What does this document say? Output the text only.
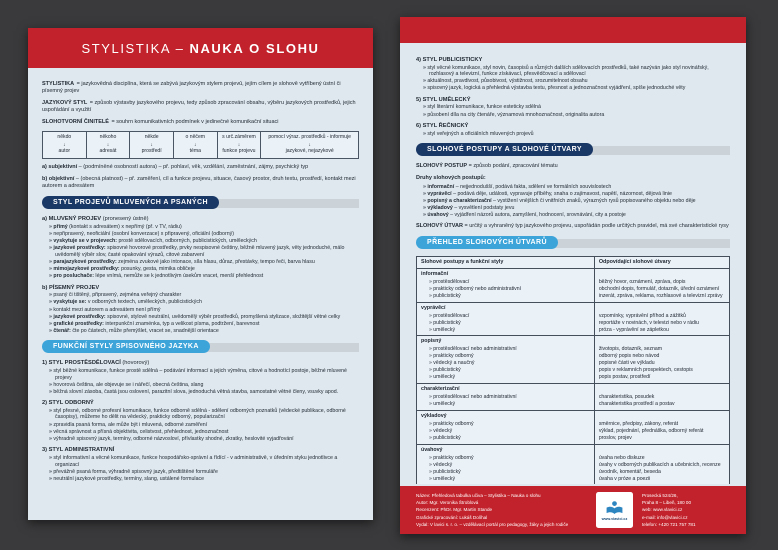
STYLISTIKA – NAUKA O SLOHU

STYLISTIKA = jazykovědná disciplína, která se zabývá jazykovým stylem projevů, jejím cílem je slohově vytříbený ústní či písemný projev

JAZYKOVÝ STYL = způsob výstavby jazykového projevu, tedy způsob zpracování obsahu, výběru jazykových prostředků, jejich uspořádání a využití

SLOHOTVORNÍ ČINITELÉ = souhrn komunikativních podmínek v jedinečné komunikační situaci

někdo
↓
autor
někoho
↓
adresát
někde
↓
prostředí
o něčem
↓
téma
s urč.záměrem
↓
funkce projevu
pomocí výraz. prostředků - informuje
↓
jazykové, nejazykové

a) subjektivní – (podmíněné osobností autora) – př. pohlaví, věk, vzdělání, zaměstnání, zájmy, psychický typ

b) objektivní – (obecná platnost) – př. zaměření, cíl a funkce projevu, situace, časový prostor, druh textu, prostředí, kontakt mezi autorem a adresátem

STYL PROJEVŮ MLUVENÝCH A PSANÝCH
a) MLUVENÝ PROJEV (pronesený ústně)
» přímý (kontakt s adresátem) x nepřímý (př. v TV, rádiu)
» nepřipravený, neoficiální (osobní konverzace) x připravený, oficiální (odborný)
» vyskytuje se v projevech: prostě sdělovacích, odborných, publicistických, uměleckých
» jazykové prostředky: spisovné hovorové prostředky, prvky nespisovné češtiny, běžně mluvený jazyk, věty jednoduché, málo uvědomělý výběr slov, časté opakování výrazů, citové zabarvení
» parajazykové prostředky: zejména zvukové jako intonace, síla hlasu, důraz, přestávky, tempo řeči, barva hlasu
» mimojazykové prostředky: posunky, gesta, mimika obličeje
» pro posluchače: lépe vnímá, nemůže se k jednotlivým úsekům vracet, menší přehlednost
b) PÍSEMNÝ PROJEV
» psaný či tištěný, připravený, zejména veřejný charakter
» vyskytuje se: v odborných textech, uměleckých, publicistických
» kontakt mezi autorem a adresátem není přímý
» jazykové prostředky: spisovné, stylově neutrální, uvědomělý výběr prostředků, promyšlená stylizace, složitější větné celky
» grafické prostředky: interpunkční znaménka, typ a velikost písma, podtržení, barevnost
» čtenář: čte po částech, může přemýšlet, vracet se, snadnější orientace
FUNKČNÍ STYLY SPISOVNÉHO JAZYKA
1) STYL PROSTĚSDĚLOVACÍ (hovorový)
» styl běžné komunikace, funkce prostě sdělná – podávání informací a jejich výměna, citové a hodnotící postoje, běžné mluvené projevy
» hovorová čeština, ale objevuje se i nářečí, obecná čeština, slang
» běžná slovní zásoba, častá jsou oslovení, parazitní slova, jednoduchá větná stavba, samostatné větné členy, vsuvky apod.
2) STYL ODBORNÝ
» styl přesné, odborné profesní komunikace, funkce odborně sdělná - sdělení odborných poznatků (vědecké publikace, odborné časopisy), můžeme ho dělit na vědecký, prakticky odborný, popularizační
» zpravidla psaná forma, ale může být i mluvená, odborné zaměření
» věcná správnost a přísná objektivita, celistvost, přehlednost, jednoznačnost
» výhradně spisovný jazyk, termíny, odborné názvosloví, přívlastky shodné, zkratky, heslovité vyjadřování
3) STYL ADMINISTRATIVNÍ
» styl informativní a věcné komunikace, funkce hospodářsko-správní a řídící - v administrativě, v úředním styku jednotlivce a organizací
» převážně psaná forma, výhradně spisovný jazyk, předtištěné formuláře
» neutrální jazykové prostředky, termíny, slang, ustálené formulace
4) STYL PUBLICISTICKÝ
» styl věcné komunikace, styl novin, časopisů a různých dalších sdělovacích prostředků, také nazýván jako styl novinářský, rozhlasový a televizní, funkce získávací, přesvědčovací a sdělovací
» aktuálnost, pravdivost, působivost, výstižnost, srozumitelnost obsahu
» spisovný jazyk, logická a přehledná výstavba textu, přesnost a jednoznačnost vyjádření, spíše jednoduché věty
5) STYL UMĚLECKÝ
» styl literární komunikace, funkce esteticky sdělná
» působení díla na city čtenáře, významová mnohoznačnost, originalita autora
6) STYL ŘEČNICKÝ
» styl veřejných a oficiálních mluvených projevů
SLOHOVÉ POSTUPY A SLOHOVÉ ÚTVARY

SLOHOVÝ POSTUP = způsob podání, zpracování tématu

Druhy slohových postupů:

» informační – nejjednodušší, podává fakta, sdělení ve formálních souvislostech
» vyprávěcí – podává děje, události, vypravuje příběhy, snaha o zajímavost, napětí, názornost, dějová linie
» popisný a charakterizační – vystižení vnějších či vnitřních znaků, výrazných rysů popisovaného objektu nebo děje
» výkladový – vysvětlení podstaty jevu
» úvahový – vyjádření názorů autora, zamyšlení, hodnocení, srovnávání, city a postoje

SLOHOVÝ ÚTVAR = určitý a vyhraněný typ jazykového projevu, uspořádán podle určitých pravidel, má své charakteristické rysy

PŘEHLED SLOHOVÝCH ÚTVARŮ
Slohové postupy a funkční styly	Odpovídající slohové útvary
informační
» prostěsdělovací
» prakticky odborný nebo administrativní
» publicistický
běžný hovor, oznámení, zpráva, dopis
obchodní dopis, formulář, dotazník, úřední oznámení
inzerát, zpráva, reklama, rozhlasové a televizní zprávy
vyprávěcí
» prostěsdělovací
» publicistický
» umělecký
vzpomínky, vyprávění příhod a zážitků
reportáže v novinách, v televizi nebo v rádiu
próza - vyprávění se zápletkou
popisný
» prostěsdělovací nebo administrativní
» prakticky odborný
» vědecký a naučný
» publicistický
» umělecký
životopis, dotazník, seznam
odborný popis nebo návod
popisné části ve výkladu
popis v reklamních prospektech, cestopis
popis postav, prostředí
charakterizační
» prostěsdělovací nebo administrativní
» umělecký
charakteristika, posudek
charakteristika prostředí a postav
výkladový
» prakticky odborný
» vědecký
» publicistický
směrnice, předpisy, zákony, referát
výklad, pojednání, přednáška, odborný referát
proslov, projev
úvahový
» prakticky odborný
» vědecký
» publicistický
» umělecký
úvaha nebo diskuze
úvahy v odborných publikacích a učebnicích, recenze
úvodník, komentář, beseda
úvaha v próze a poezii
Název: Přehledová tabulka učiva – Stylistika – Nauka o slohu
Autor: Mgr. Veronika Štroblová
Recenzent: PhDr. Mgr. Martin Stande
Grafické zpracování: Lukáš Dolíhal
Vydal: V lavici s. r. o. – vzdělávací portál pro pedagogy, žáky a jejich rodiče
www.vlavici.cz
Prosecká 524/26,
Praha 8 – Libeň, 180 00
web: www.vlavici.cz
e-mail: info@vlavici.cz
telefon: +420 721 757 781
